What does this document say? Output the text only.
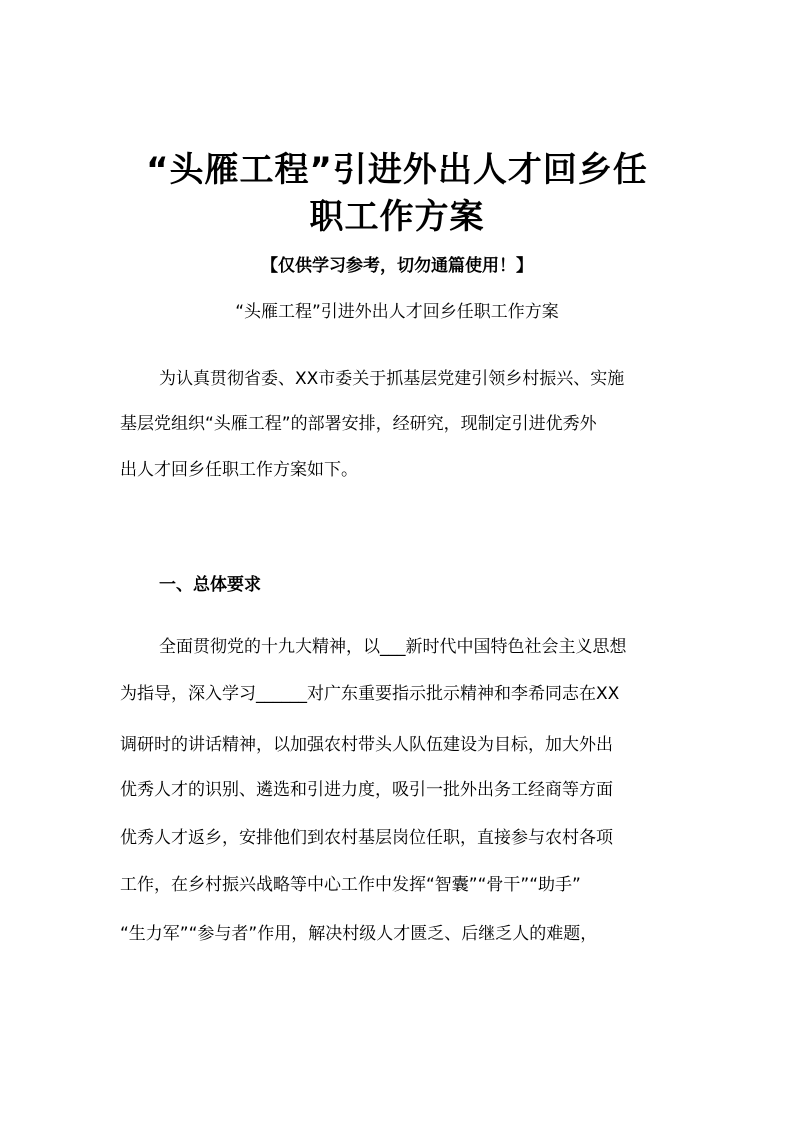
“头雁工程”引进外出人才回乡任
职工作方案
【仅供学习参考，切勿通篇使用！】
“头雁工程”引进外出人才回乡任职工作方案
为认真贯彻省委、XX市委关于抓基层党建引领乡村振兴、实施
基层党组织“头雁工程”的部署安排，经研究，现制定引进优秀外
出人才回乡任职工作方案如下。
一、总体要求
全面贯彻党的十九大精神，以___新时代中国特色社会主义思想
为指导，深入学习______对广东重要指示批示精神和李希同志在XX
调研时的讲话精神，以加强农村带头人队伍建设为目标，加大外出
优秀人才的识别、遴选和引进力度，吸引一批外出务工经商等方面
优秀人才返乡，安排他们到农村基层岗位任职，直接参与农村各项
工作，在乡村振兴战略等中心工作中发挥“智囊”“骨干”“助手”
“生力军”“参与者”作用，解决村级人才匮乏、后继乏人的难题，
